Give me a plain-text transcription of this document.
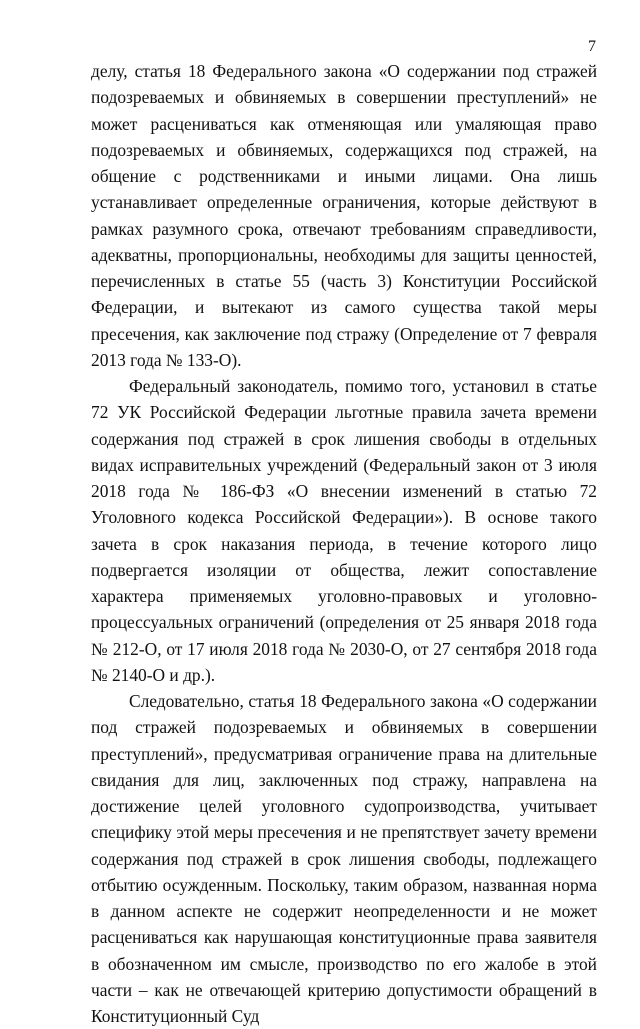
7

делу, статья 18 Федерального закона «О содержании под стражей подозреваемых и обвиняемых в совершении преступлений» не может расцениваться как отменяющая или умаляющая право подозреваемых и обвиняемых, содержащихся под стражей, на общение с родственниками и иными лицами. Она лишь устанавливает определенные ограничения, которые действуют в рамках разумного срока, отвечают требованиям справедливости, адекватны, пропорциональны, необходимы для защиты ценностей, перечисленных в статье 55 (часть 3) Конституции Российской Федерации, и вытекают из самого существа такой меры пресечения, как заключение под стражу (Определение от 7 февраля 2013 года № 133-О).

Федеральный законодатель, помимо того, установил в статье 72 УК Российской Федерации льготные правила зачета времени содержания под стражей в срок лишения свободы в отдельных видах исправительных учреждений (Федеральный закон от 3 июля 2018 года № 186-ФЗ «О внесении изменений в статью 72 Уголовного кодекса Российской Федерации»). В основе такого зачета в срок наказания периода, в течение которого лицо подвергается изоляции от общества, лежит сопоставление характера применяемых уголовно-правовых и уголовно-процессуальных ограничений (определения от 25 января 2018 года № 212-О, от 17 июля 2018 года № 2030-О, от 27 сентября 2018 года № 2140-О и др.).

Следовательно, статья 18 Федерального закона «О содержании под стражей подозреваемых и обвиняемых в совершении преступлений», предусматривая ограничение права на длительные свидания для лиц, заключенных под стражу, направлена на достижение целей уголовного судопроизводства, учитывает специфику этой меры пресечения и не препятствует зачету времени содержания под стражей в срок лишения свободы, подлежащего отбытию осужденным. Поскольку, таким образом, названная норма в данном аспекте не содержит неопределенности и не может расцениваться как нарушающая конституционные права заявителя в обозначенном им смысле, производство по его жалобе в этой части – как не отвечающей критерию допустимости обращений в Конституционный Суд
